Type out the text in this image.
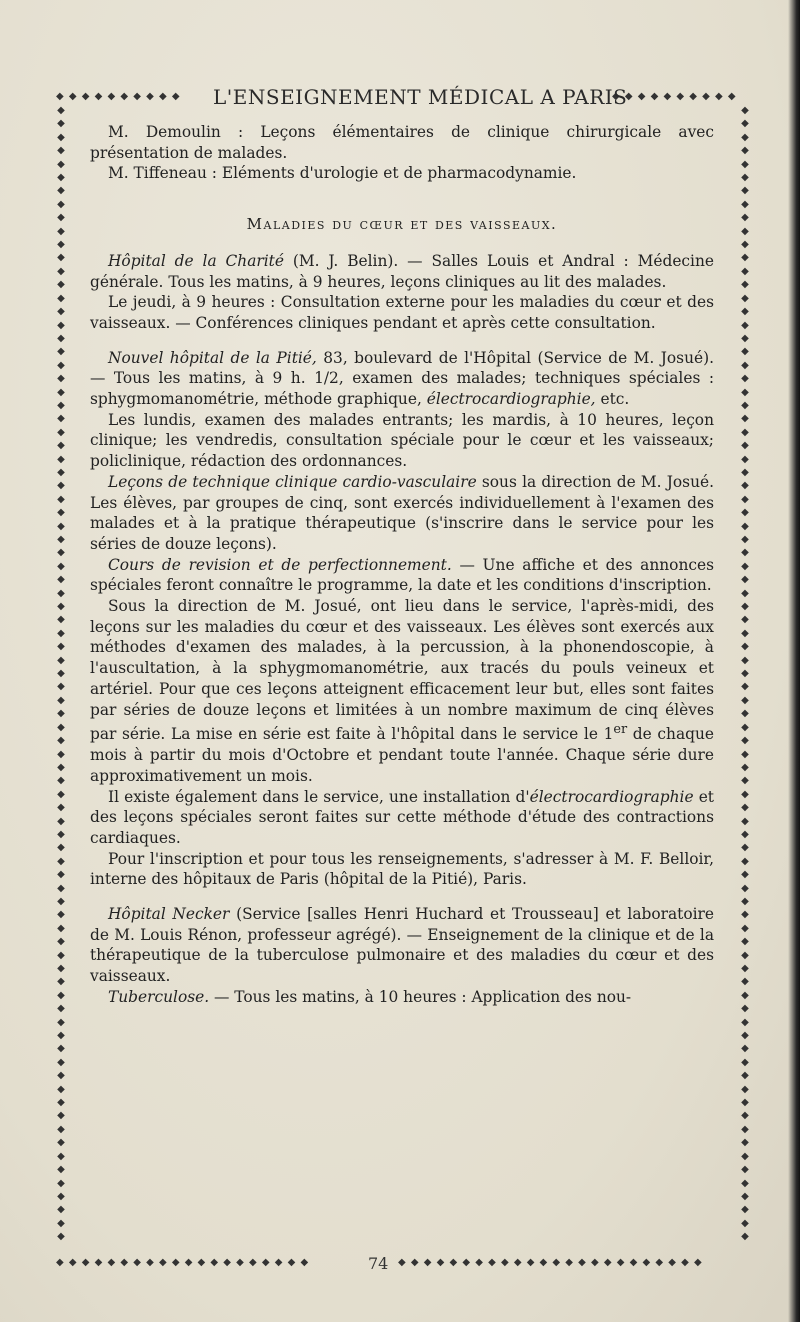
◆ ◆ ◆ ◆ ◆ ◆ ◆ ◆ ◆ ◆	◆ ◆ ◆ ◆ ◆ ◆ ◆ ◆ ◆ ◆
◆
◆
◆
◆
◆
◆
◆
◆
◆
◆
◆
◆
◆
◆
◆
◆
◆
◆
◆
◆
◆
◆
◆
◆
◆
◆
◆
◆
◆
◆
◆
◆
◆
◆
◆
◆
◆
◆
◆
◆
◆
◆
◆
◆
◆
◆
◆
◆
◆
◆
◆
◆
◆
◆
◆
◆
◆
◆
◆
◆
◆
◆
◆
◆
◆
◆
◆
◆
◆
◆
◆
◆
◆
◆
◆
◆
◆
◆
◆
◆
◆
◆
◆
◆
◆
◆
◆
◆
◆
◆
◆
◆
◆
◆
◆
◆
◆
◆
◆
◆
◆
◆
◆
◆
◆
◆
◆
◆
◆
◆
◆
◆
◆
◆
◆
◆
◆
◆
◆
◆
◆
◆
◆
◆
◆
◆
◆
◆
◆
◆
◆
◆
◆
◆
◆
◆
◆
◆
◆
◆
◆
◆
◆
◆
◆
◆
◆
◆
◆
◆
◆
◆
◆
◆
◆
◆
◆
◆
◆
◆
◆
◆
◆
◆
◆
◆
◆
◆
◆
◆
◆ ◆ ◆ ◆ ◆ ◆ ◆ ◆ ◆ ◆ ◆ ◆ ◆ ◆ ◆ ◆ ◆ ◆ ◆ ◆	◆ ◆ ◆ ◆ ◆ ◆ ◆ ◆ ◆ ◆ ◆ ◆ ◆ ◆ ◆ ◆ ◆ ◆ ◆ ◆ ◆ ◆ ◆ ◆
L'ENSEIGNEMENT MÉDICAL A PARIS

M. Demoulin : Leçons élémentaires de clinique chirurgicale avec présentation de malades.

M. Tiffeneau : Eléments d'urologie et de pharmacodynamie.

Maladies du cœur et des vaisseaux.

Hôpital de la Charité (M. J. Belin). — Salles Louis et Andral : Médecine générale. Tous les matins, à 9 heures, leçons cliniques au lit des malades.

Le jeudi, à 9 heures : Consultation externe pour les maladies du cœur et des vaisseaux. — Conférences cliniques pendant et après cette consultation.

Nouvel hôpital de la Pitié, 83, boulevard de l'Hôpital (Service de M. Josué). — Tous les matins, à 9 h. 1/2, examen des malades; techniques spéciales : sphygmomanométrie, méthode graphique, électrocardiographie, etc.

Les lundis, examen des malades entrants; les mardis, à 10 heures, leçon clinique; les vendredis, consultation spéciale pour le cœur et les vaisseaux; policlinique, rédaction des ordonnances.

Leçons de technique clinique cardio-vasculaire sous la direction de M. Josué. Les élèves, par groupes de cinq, sont exercés individuellement à l'examen des malades et à la pratique thérapeutique (s'inscrire dans le service pour les séries de douze leçons).

Cours de revision et de perfectionnement. — Une affiche et des annonces spéciales feront connaître le programme, la date et les conditions d'inscription.

Sous la direction de M. Josué, ont lieu dans le service, l'après-midi, des leçons sur les maladies du cœur et des vaisseaux. Les élèves sont exercés aux méthodes d'examen des malades, à la percussion, à la phonendoscopie, à l'auscultation, à la sphygmomanométrie, aux tracés du pouls veineux et artériel. Pour que ces leçons atteignent efficacement leur but, elles sont faites par séries de douze leçons et limitées à un nombre maximum de cinq élèves par série. La mise en série est faite à l'hôpital dans le service le 1er de chaque mois à partir du mois d'Octobre et pendant toute l'année. Chaque série dure approximativement un mois.

Il existe également dans le service, une installation d'électrocardiographie et des leçons spéciales seront faites sur cette méthode d'étude des contractions cardiaques.

Pour l'inscription et pour tous les renseignements, s'adresser à M. F. Belloir, interne des hôpitaux de Paris (hôpital de la Pitié), Paris.

Hôpital Necker (Service [salles Henri Huchard et Trousseau] et laboratoire de M. Louis Rénon, professeur agrégé). — Enseignement de la clinique et de la thérapeutique de la tuberculose pulmonaire et des maladies du cœur et des vaisseaux.

Tuberculose. — Tous les matins, à 10 heures : Application des nou-

74
